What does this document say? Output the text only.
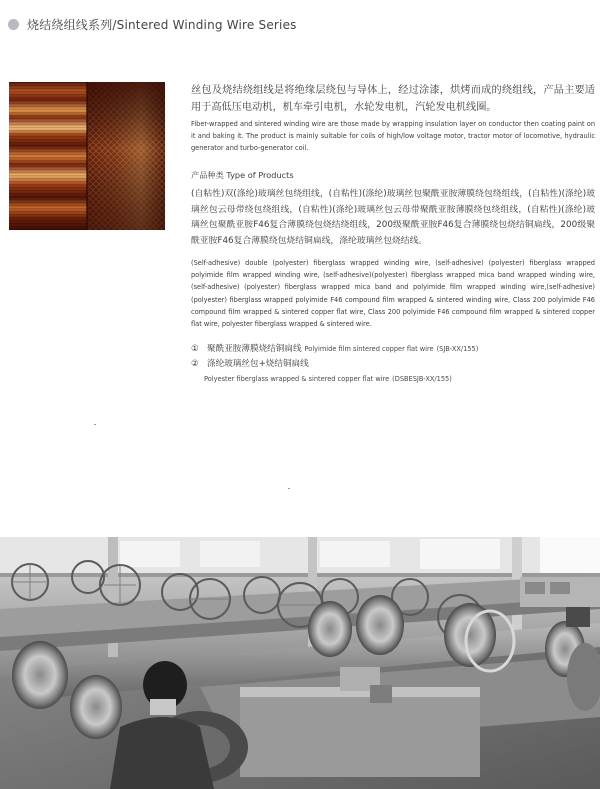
烧结绕组线系列/Sintered Winding Wire Series

丝包及烧结绕组线是将绝缘层绕包与导体上，经过涂漆，烘烤而成的绕组线，产品主要适用于高低压电动机，机车牵引电机，水轮发电机，汽轮发电机线圈。

Fiber-wrapped and sintered winding wire are those made by wrapping insulation layer on conductor then coating paint on it and baking it. The product is mainly suitable for coils of high/low voltage motor, tractor motor of locomotive, hydraulic generator and turbo-generator coil.

产品种类 Type of Products

(自粘性)双(涤纶)玻璃丝包绕组线，(自粘性)(涤纶)玻璃丝包聚酰亚胺薄膜绕包绕组线，(自粘性)(涤纶)玻璃丝包云母带绕包绕组线，(自粘性)(涤纶)玻璃丝包云母带聚酰亚胺薄膜绕包绕组线，(自粘性)(涤纶)玻璃丝包聚酰亚胺F46复合薄膜绕包烧结绕组线，200级聚酰亚胺F46复合薄膜绕包烧结铜扁线，200级聚酰亚胺F46复合薄膜绕包烧结铜扁线，涤纶玻璃丝包烧结线。

(Self-adhesive) double (polyester) fiberglass wrapped winding wire, (self-adhesive) (polyester) fiberglass wrapped polyimide film wrapped winding wire, (self-adhesive)(polyester) fiberglass wrapped mica band wrapped winding wire, (self-adhesive) (polyester) fiberglass wrapped mica band and polyimide film wrapped winding wire,(self-adhesive)(polyester) fiberglass wrapped polyimide F46 compound film wrapped & sintered winding wire, Class 200 polyimide F46 compound film wrapped & sintered copper flat wire, Class 200 polyimide F46 compound film wrapped & sintered copper flat wire, polyester fiberglass wrapped & sintered wire.

① 聚酰亚胺薄膜烧结铜扁线 Polyimide film sintered copper flat wire (SJB-XX/155)
② 涤纶玻璃丝包+烧结铜扁线
Polyester fiberglass wrapped & sintered copper flat wire (DSBESJB-XX/155)
